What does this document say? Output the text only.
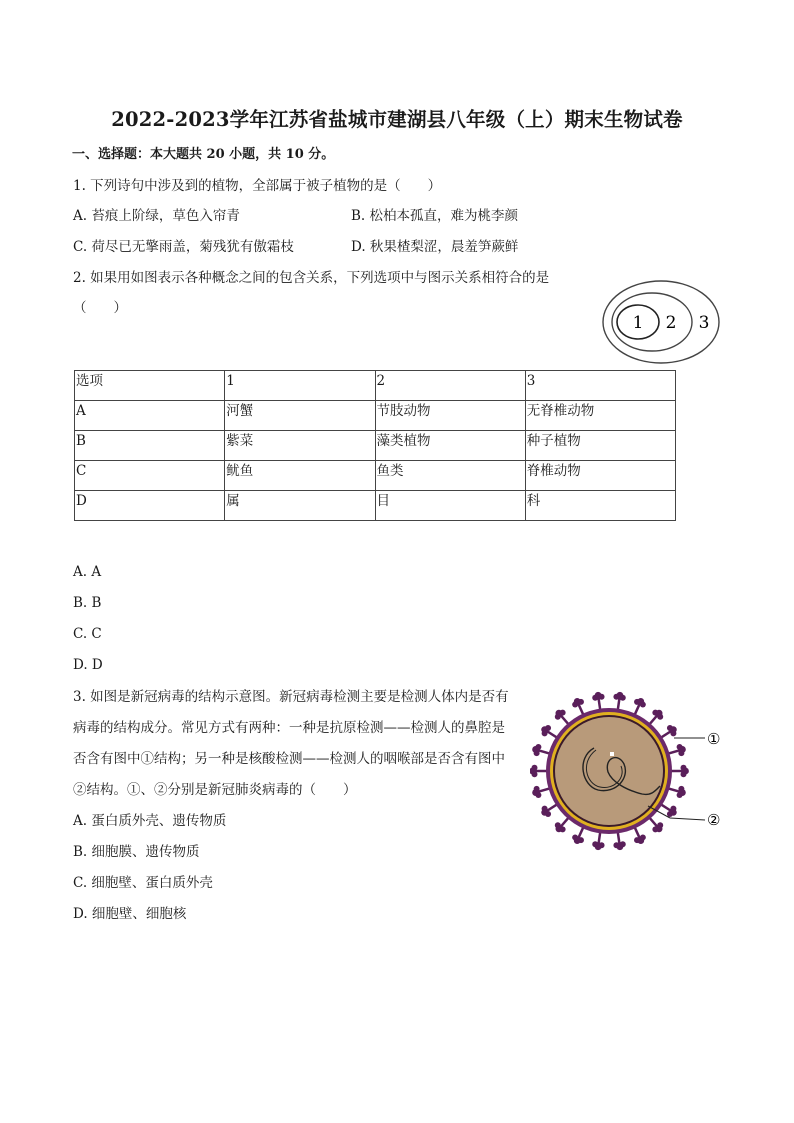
2022-2023学年江苏省盐城市建湖县八年级（上）期末生物试卷
一、选择题：本大题共 20 小题，共 10 分。
1. 下列诗句中涉及到的植物，全部属于被子植物的是（　　）
A. 苔痕上阶绿，草色入帘青	B. 松柏本孤直，难为桃李颜
C. 荷尽已无擎雨盖，菊残犹有傲霜枝	D. 秋果楂梨涩，晨羞笋蕨鲜
2. 如果用如图表示各种概念之间的包含关系，下列选项中与图示关系相符合的是
（　　）
1 2 3
选项	1	2	3
A	河蟹	节肢动物	无脊椎动物
B	紫菜	藻类植物	种子植物
C	鱿鱼	鱼类	脊椎动物
D	属	目	科
A. A
B. B
C. C
D. D
3. 如图是新冠病毒的结构示意图。新冠病毒检测主要是检测人体内是否有
病毒的结构成分。常见方式有两种：一种是抗原检测——检测人的鼻腔是
否含有图中①结构；另一种是核酸检测——检测人的咽喉部是否含有图中
②结构。①、②分别是新冠肺炎病毒的（　　）
A. 蛋白质外壳、遗传物质
B. 细胞膜、遗传物质
C. 细胞壁、蛋白质外壳
D. 细胞壁、细胞核
①
②
